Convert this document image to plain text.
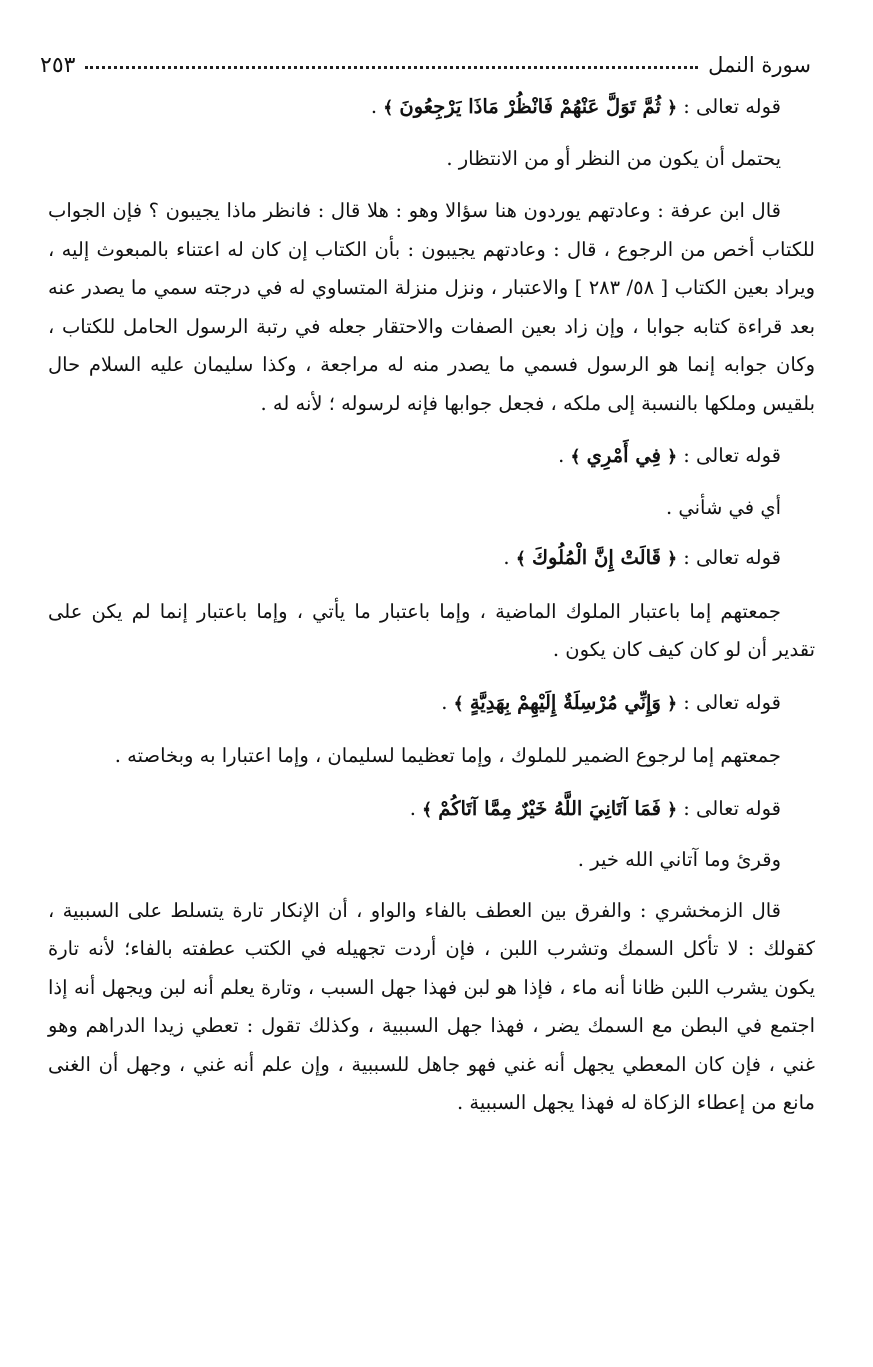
سورة النمل
٢٥٣

قوله تعالى : ﴿ ثُمَّ تَوَلَّ عَنْهُمْ فَانْظُرْ مَاذَا يَرْجِعُونَ ﴾ .

يحتمل أن يكون من النظر أو من الانتظار .

قال ابن عرفة : وعادتهم يوردون هنا سؤالا وهو : هلا قال : فانظر ماذا يجيبون ؟ فإن الجواب للكتاب أخص من الرجوع ، قال : وعادتهم يجيبون : بأن الكتاب إن كان له اعتناء بالمبعوث إليه ، ويراد بعين الكتاب [ ٥٨/ ٢٨٣ ] والاعتبار ، ونزل منزلة المتساوي له في درجته سمي ما يصدر عنه بعد قراءة كتابه جوابا ، وإن زاد بعين الصفات والاحتقار جعله في رتبة الرسول الحامل للكتاب ، وكان جوابه إنما هو الرسول فسمي ما يصدر منه له مراجعة ، وكذا سليمان عليه السلام حال بلقيس وملكها بالنسبة إلى ملكه ، فجعل جوابها فإنه لرسوله ؛ لأنه له .

قوله تعالى : ﴿ فِي أَمْرِي ﴾ .

أي في شأني .

قوله تعالى : ﴿ قَالَتْ إِنَّ الْمُلُوكَ ﴾ .

جمعتهم إما باعتبار الملوك الماضية ، وإما باعتبار ما يأتي ، وإما باعتبار إنما لم يكن على تقدير أن لو كان كيف كان يكون .

قوله تعالى : ﴿ وَإِنِّي مُرْسِلَةٌ إِلَيْهِمْ بِهَدِيَّةٍ ﴾ .

جمعتهم إما لرجوع الضمير للملوك ، وإما تعظيما لسليمان ، وإما اعتبارا به وبخاصته .

قوله تعالى : ﴿ فَمَا آتَانِيَ اللَّهُ خَيْرٌ مِمَّا آتَاكُمْ ﴾ .

وقرئ وما آتاني الله خير .

قال الزمخشري : والفرق بين العطف بالفاء والواو ، أن الإنكار تارة يتسلط على السببية ، كقولك : لا تأكل السمك وتشرب اللبن ، فإن أردت تجهيله في الكتب عطفته بالفاء؛ لأنه تارة يكون يشرب اللبن ظانا أنه ماء ، فإذا هو لبن فهذا جهل السبب ، وتارة يعلم أنه لبن ويجهل أنه إذا اجتمع في البطن مع السمك يضر ، فهذا جهل السببية ، وكذلك تقول : تعطي زيدا الدراهم وهو غني ، فإن كان المعطي يجهل أنه غني فهو جاهل للسببية ، وإن علم أنه غني ، وجهل أن الغنى مانع من إعطاء الزكاة له فهذا يجهل السببية .
